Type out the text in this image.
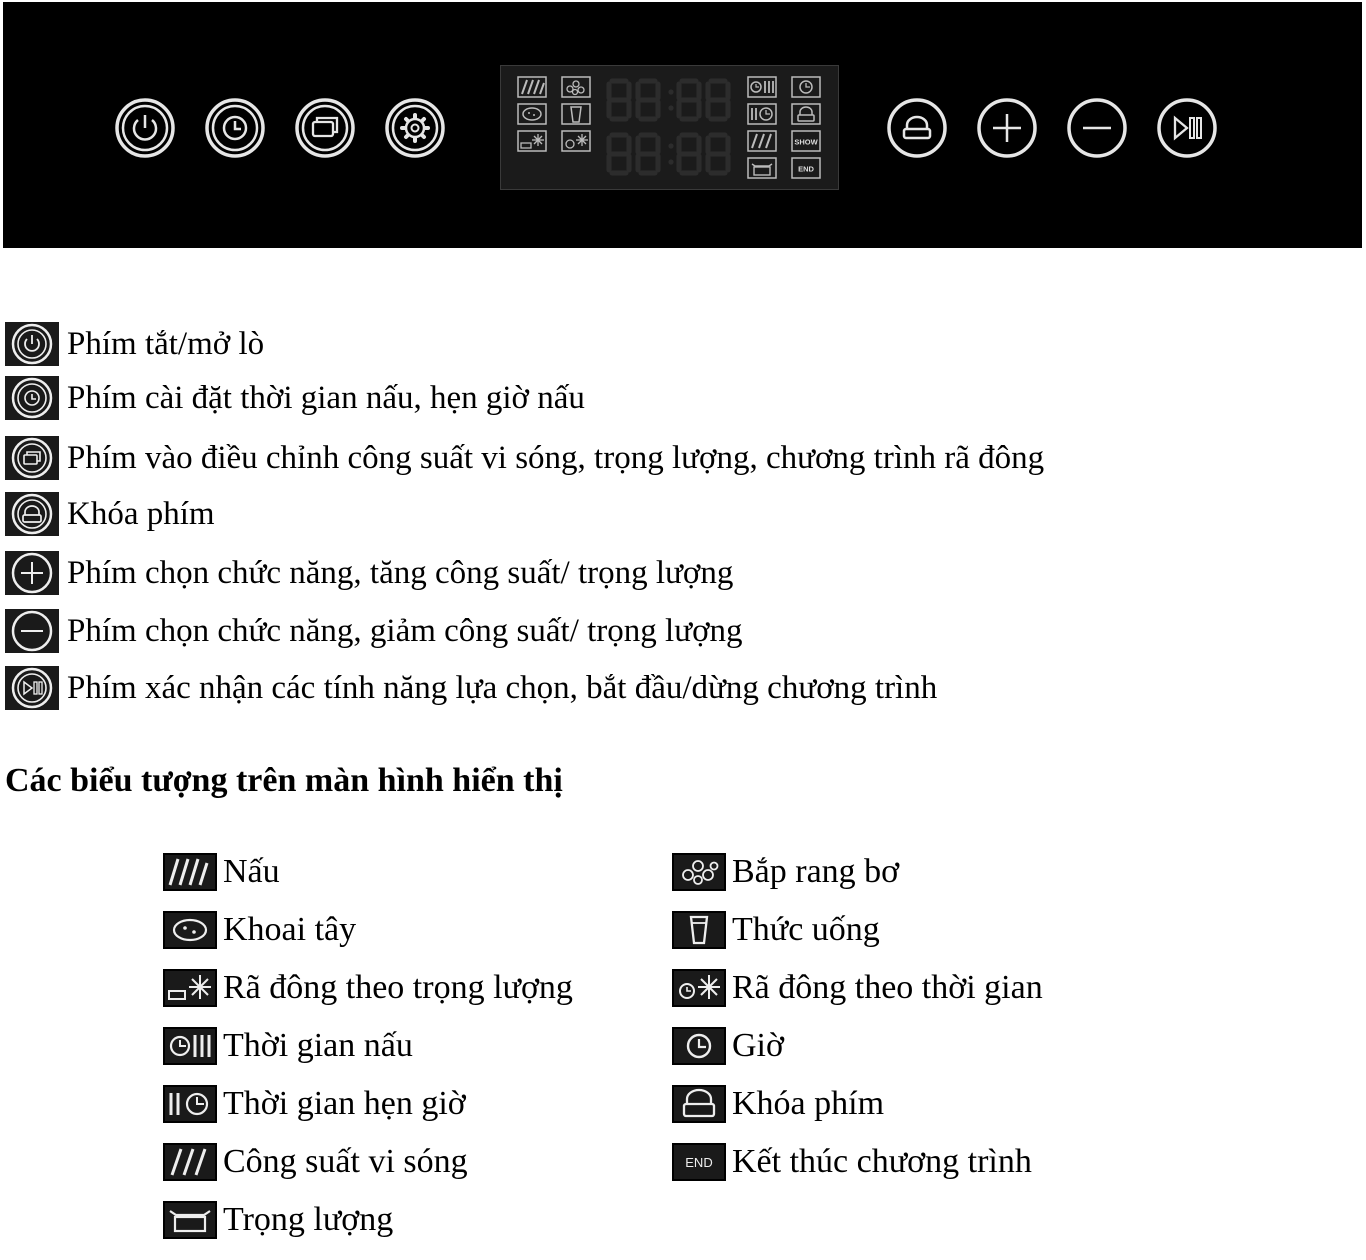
SHOW
END
Phím tắt/mở lò
Phím cài đặt thời gian nấu, hẹn giờ nấu
Phím vào điều chỉnh công suất vi sóng, trọng lượng, chương trình rã đông
Khóa phím
Phím chọn chức năng, tăng công suất/ trọng lượng
Phím chọn chức năng, giảm công suất/ trọng lượng
Phím xác nhận các tính năng lựa chọn, bắt đầu/dừng chương trình
Các biểu tượng trên màn hình hiển thị
Nấu
Khoai tây
Rã đông theo trọng lượng
Thời gian nấu
Thời gian hẹn giờ
Công suất vi sóng
Trọng lượng
Bắp rang bơ
Thức uống
Rã đông theo thời gian
Giờ
Khóa phím
END Kết thúc chương trình
